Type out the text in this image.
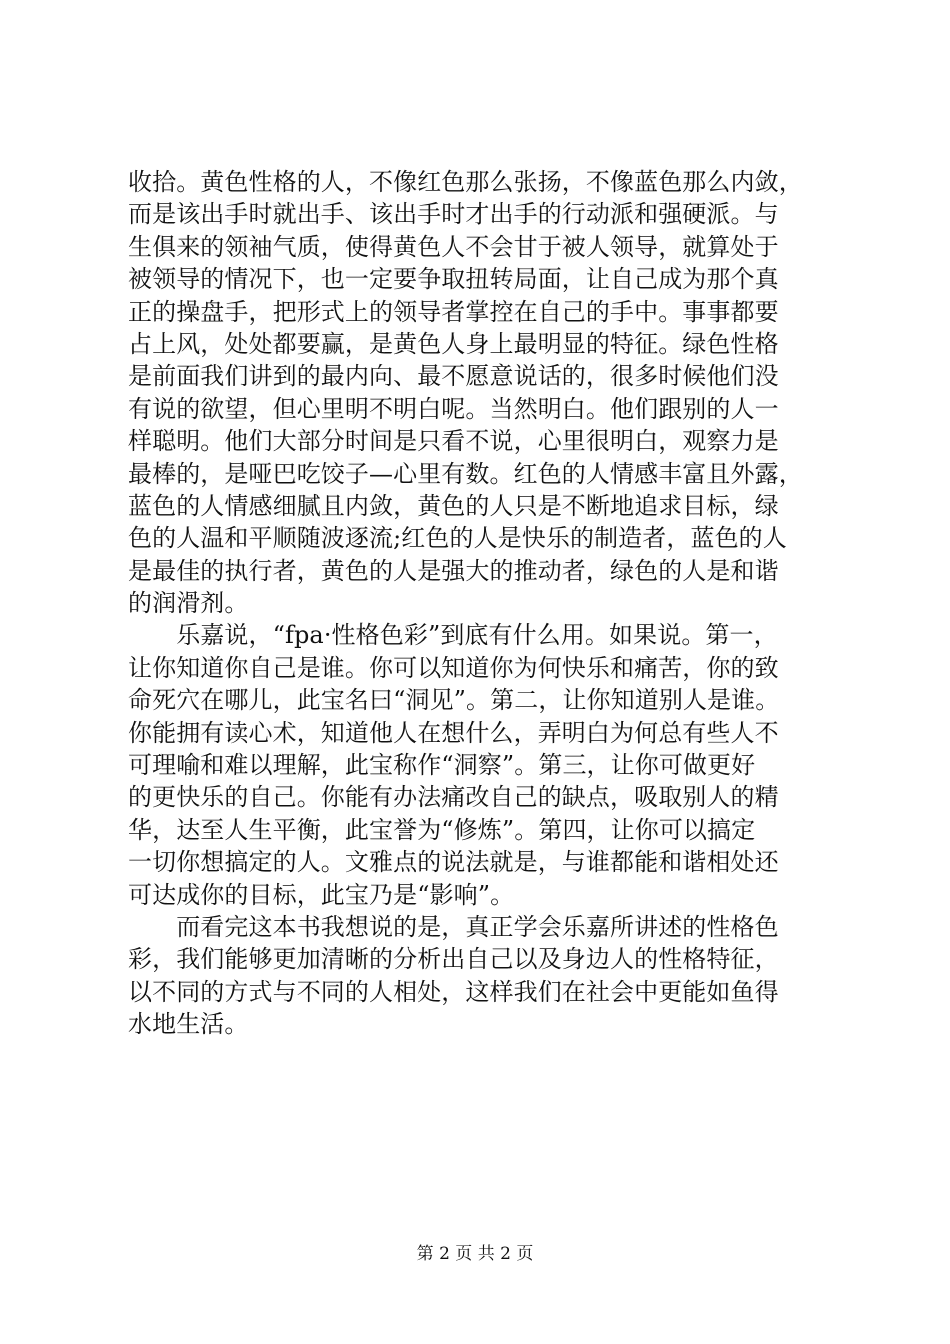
收拾。黄色性格的人，不像红色那么张扬，不像蓝色那么内敛，
而是该出手时就出手、该出手时才出手的行动派和强硬派。与
生俱来的领袖气质，使得黄色人不会甘于被人领导，就算处于
被领导的情况下，也一定要争取扭转局面，让自己成为那个真
正的操盘手，把形式上的领导者掌控在自己的手中。事事都要
占上风，处处都要赢，是黄色人身上最明显的特征。绿色性格
是前面我们讲到的最内向、最不愿意说话的，很多时候他们没
有说的欲望，但心里明不明白呢。当然明白。他们跟别的人一
样聪明。他们大部分时间是只看不说，心里很明白，观察力是
最棒的，是哑巴吃饺子—心里有数。红色的人情感丰富且外露，
蓝色的人情感细腻且内敛，黄色的人只是不断地追求目标，绿
色的人温和平顺随波逐流;红色的人是快乐的制造者，蓝色的人
是最佳的执行者，黄色的人是强大的推动者，绿色的人是和谐
的润滑剂。
　　乐嘉说，“fpa·性格色彩”到底有什么用。如果说。第一，
让你知道你自己是谁。你可以知道你为何快乐和痛苦，你的致
命死穴在哪儿，此宝名曰“洞见”。第二，让你知道别人是谁。
你能拥有读心术，知道他人在想什么，弄明白为何总有些人不
可理喻和难以理解，此宝称作“洞察”。第三，让你可做更好
的更快乐的自己。你能有办法痛改自己的缺点，吸取别人的精
华，达至人生平衡，此宝誉为“修炼”。第四，让你可以搞定
一切你想搞定的人。文雅点的说法就是，与谁都能和谐相处还
可达成你的目标，此宝乃是“影响”。
　　而看完这本书我想说的是，真正学会乐嘉所讲述的性格色
彩，我们能够更加清晰的分析出自己以及身边人的性格特征，
以不同的方式与不同的人相处，这样我们在社会中更能如鱼得
水地生活。
第 2 页 共 2 页
